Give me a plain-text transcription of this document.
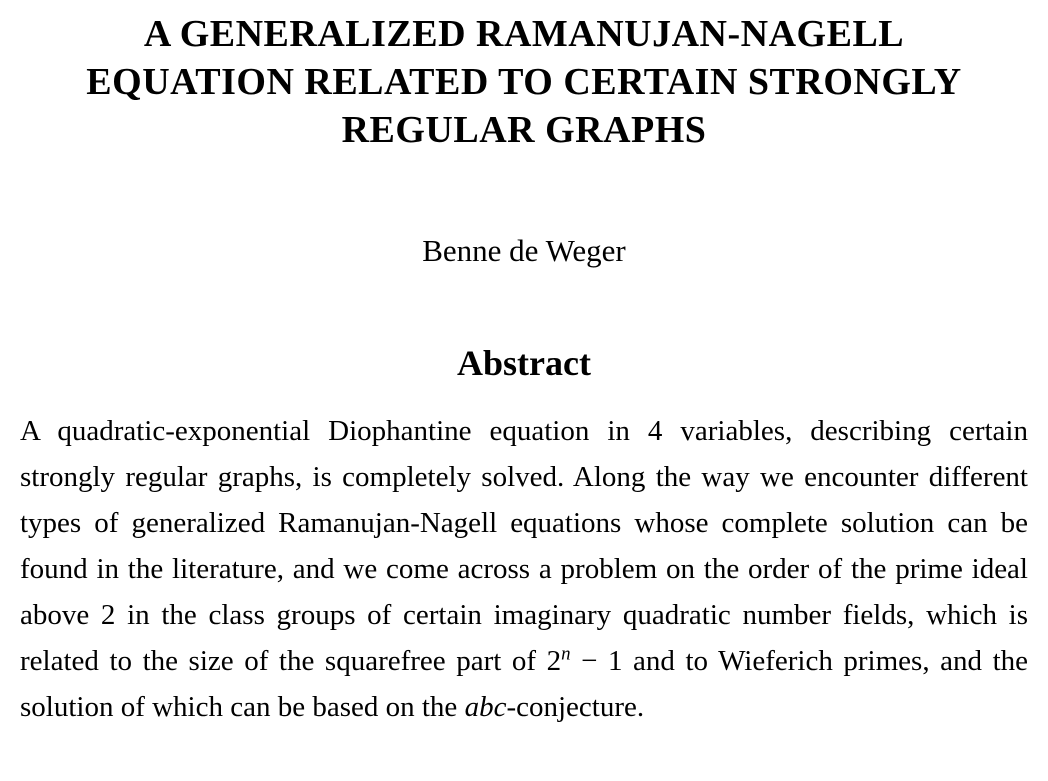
A GENERALIZED RAMANUJAN-NAGELL
EQUATION RELATED TO CERTAIN STRONGLY
REGULAR GRAPHS
Benne de Weger
Abstract

A quadratic-exponential Diophantine equation in 4 variables, describing certain strongly regular graphs, is completely solved. Along the way we encounter different types of generalized Ramanujan-Nagell equations whose complete solution can be found in the literature, and we come across a problem on the order of the prime ideal above 2 in the class groups of certain imaginary quadratic number fields, which is related to the size of the squarefree part of $2^n - 1$ and to Wieferich primes, and the solution of which can be based on the abc-conjecture.
